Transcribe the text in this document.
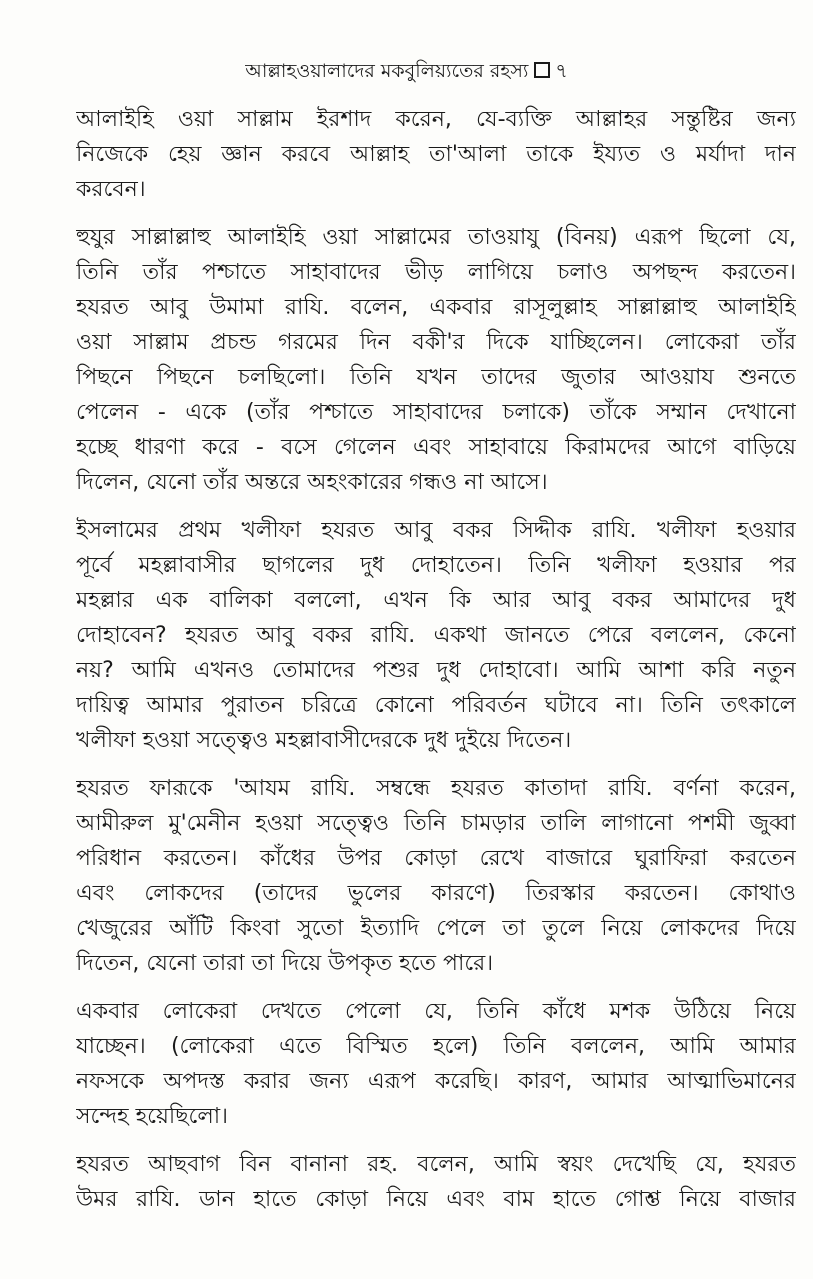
আল্লাহওয়ালাদের মকবুলিয়্যতের রহস্য ৭
আলাইহি ওয়া সাল্লাম ইরশাদ করেন, যে-ব্যক্তি আল্লাহর সন্তুষ্টির জন্য
নিজেকে হেয় জ্ঞান করবে আল্লাহ তা'আলা তাকে ইয্যত ও মর্যাদা দান
করবেন।
হুযুর সাল্লাল্লাহু আলাইহি ওয়া সাল্লামের তাওয়াযু (বিনয়) এরূপ ছিলো যে,
তিনি তাঁর পশ্চাতে সাহাবাদের ভীড় লাগিয়ে চলাও অপছন্দ করতেন।
হযরত আবু উমামা রাযি. বলেন, একবার রাসূলুল্লাহ সাল্লাল্লাহু আলাইহি
ওয়া সাল্লাম প্রচন্ড গরমের দিন বকী'র দিকে যাচ্ছিলেন। লোকেরা তাঁর
পিছনে পিছনে চলছিলো। তিনি যখন তাদের জুতার আওয়ায শুনতে
পেলেন - একে (তাঁর পশ্চাতে সাহাবাদের চলাকে) তাঁকে সম্মান দেখানো
হচ্ছে ধারণা করে - বসে গেলেন এবং সাহাবায়ে কিরামদের আগে বাড়িয়ে
দিলেন, যেনো তাঁর অন্তরে অহংকারের গন্ধও না আসে।
ইসলামের প্রথম খলীফা হযরত আবু বকর সিদ্দীক রাযি. খলীফা হওয়ার
পূর্বে মহল্লাবাসীর ছাগলের দুধ দোহাতেন। তিনি খলীফা হওয়ার পর
মহল্লার এক বালিকা বললো, এখন কি আর আবু বকর আমাদের দুধ
দোহাবেন? হযরত আবু বকর রাযি. একথা জানতে পেরে বললেন, কেনো
নয়? আমি এখনও তোমাদের পশুর দুধ দোহাবো। আমি আশা করি নতুন
দায়িত্ব আমার পুরাতন চরিত্রে কোনো পরিবর্তন ঘটাবে না। তিনি তৎকালে
খলীফা হওয়া সত্ত্বেও মহল্লাবাসীদেরকে দুধ দুইয়ে দিতেন।
হযরত ফারূকে 'আযম রাযি. সম্বন্ধে হযরত কাতাদা রাযি. বর্ণনা করেন,
আমীরুল মু'মেনীন হওয়া সত্ত্বেও তিনি চামড়ার তালি লাগানো পশমী জুব্বা
পরিধান করতেন। কাঁধের উপর কোড়া রেখে বাজারে ঘুরাফিরা করতেন
এবং লোকদের (তাদের ভুলের কারণে) তিরস্কার করতেন। কোথাও
খেজুরের আঁটি কিংবা সুতো ইত্যাদি পেলে তা তুলে নিয়ে লোকদের দিয়ে
দিতেন, যেনো তারা তা দিয়ে উপকৃত হতে পারে।
একবার লোকেরা দেখতে পেলো যে, তিনি কাঁধে মশক উঠিয়ে নিয়ে
যাচ্ছেন। (লোকেরা এতে বিস্মিত হলে) তিনি বললেন, আমি আমার
নফসকে অপদস্ত করার জন্য এরূপ করেছি। কারণ, আমার আত্মাভিমানের
সন্দেহ হয়েছিলো।
হযরত আছবাগ বিন বানানা রহ. বলেন, আমি স্বয়ং দেখেছি যে, হযরত
উমর রাযি. ডান হাতে কোড়া নিয়ে এবং বাম হাতে গোশ্ত নিয়ে বাজার
